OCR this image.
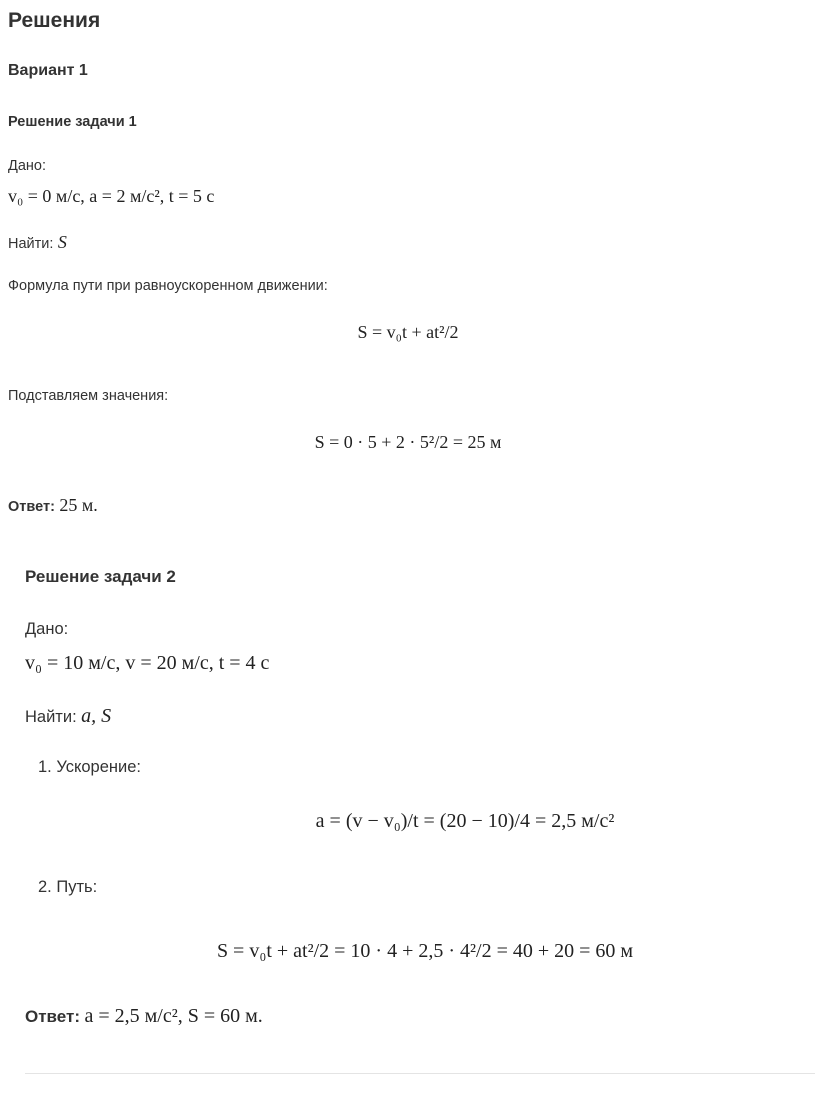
Решения
Вариант 1
Решение задачи 1
Дано:
v₀ = 0 м/с, a = 2 м/с², t = 5 с
Найти: S
Формула пути при равноускоренном движении:
S = v₀t + at²/2
Подставляем значения:
S = 0 · 5 + 2 · 5²/2 = 25 м
Ответ: 25 м.
Решение задачи 2
Дано:
v₀ = 10 м/с, v = 20 м/с, t = 4 с
Найти: a, S
1. Ускорение:
a = (v − v₀)/t = (20 − 10)/4 = 2,5 м/с²
2. Путь:
S = v₀t + at²/2 = 10 · 4 + 2,5 · 4²/2 = 40 + 20 = 60 м
Ответ: a = 2,5 м/с², S = 60 м.
